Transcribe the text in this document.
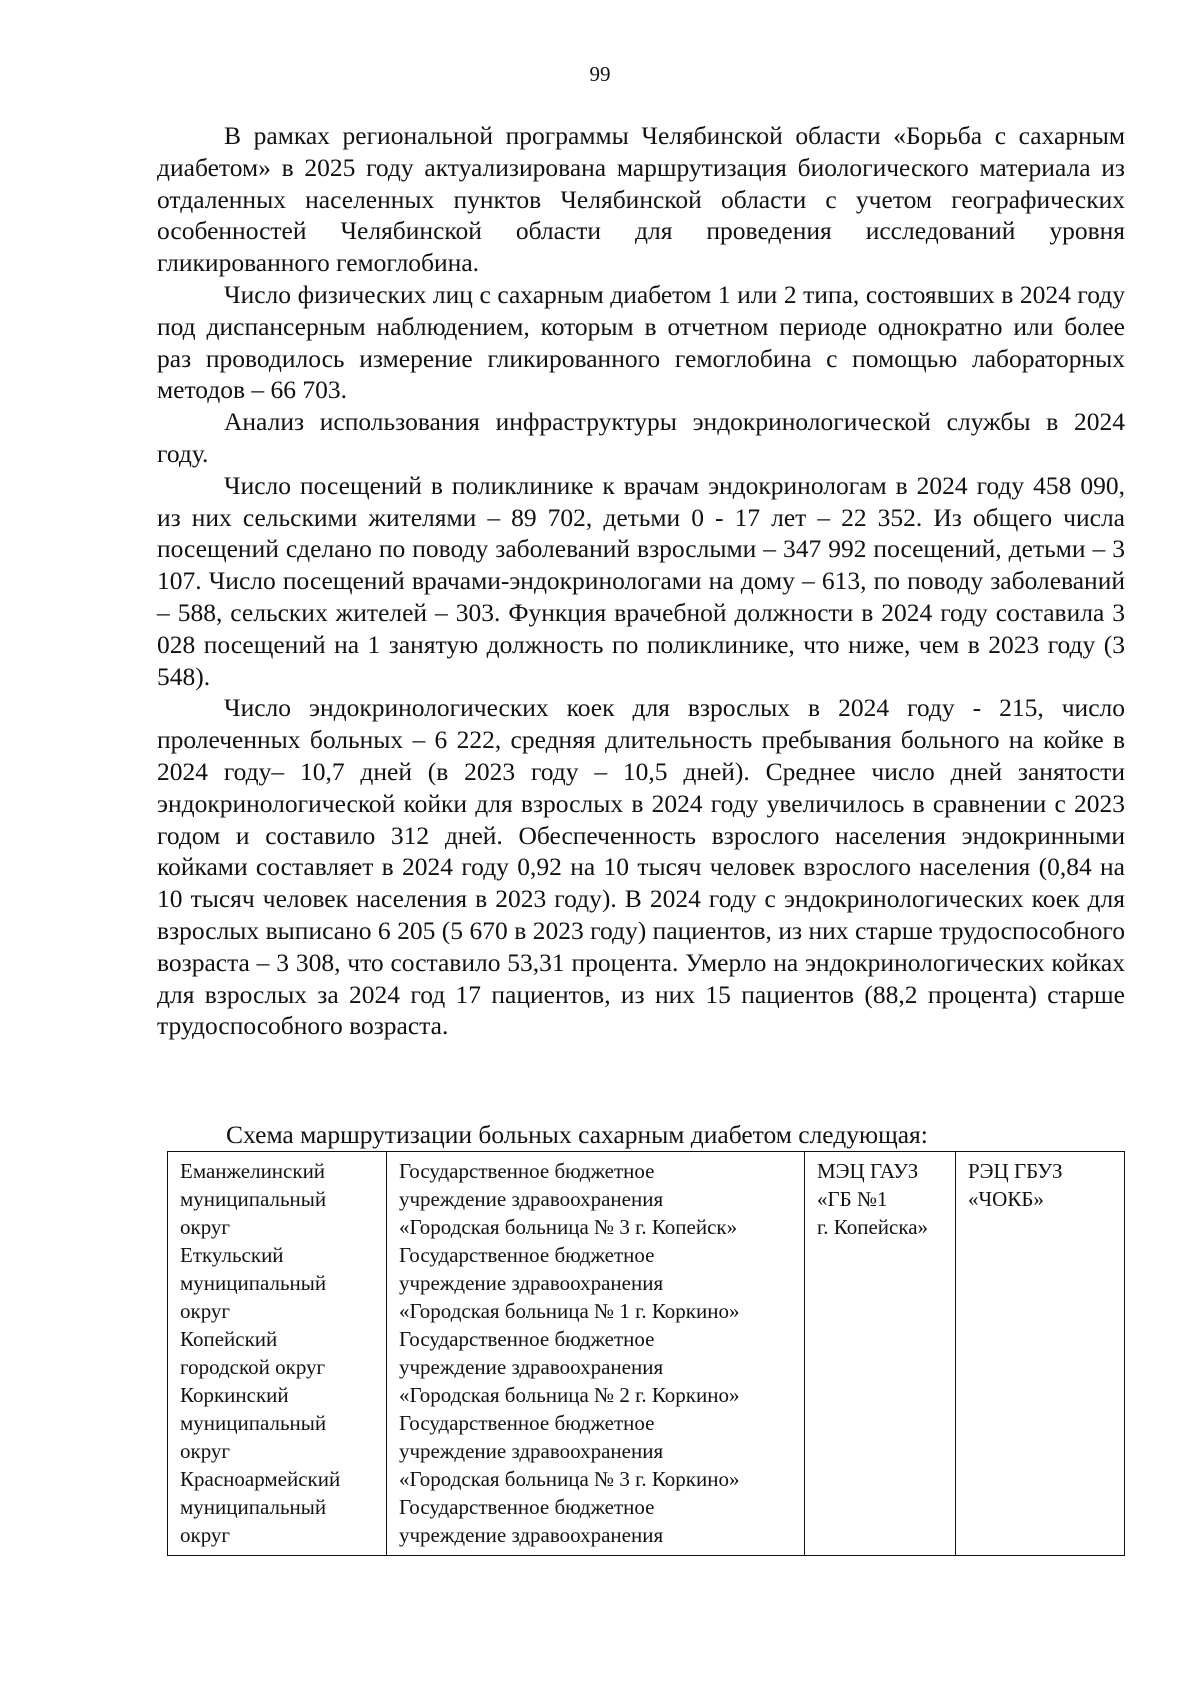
99

В рамках региональной программы Челябинской области «Борьба с сахарным диабетом» в 2025 году актуализирована маршрутизация биологического материала из отдаленных населенных пунктов Челябинской области с учетом географических особенностей Челябинской области для проведения исследований уровня гликированного гемоглобина.

Число физических лиц с сахарным диабетом 1 или 2 типа, состоявших в 2024 году под диспансерным наблюдением, которым в отчетном периоде однократно или более раз проводилось измерение гликированного гемоглобина с помощью лабораторных методов – 66 703.

Анализ использования инфраструктуры эндокринологической службы в 2024 году.

Число посещений в поликлинике к врачам эндокринологам в 2024 году 458 090, из них сельскими жителями – 89 702, детьми 0 - 17 лет – 22 352. Из общего числа посещений сделано по поводу заболеваний взрослыми – 347 992 посещений, детьми – 3 107. Число посещений врачами-эндокринологами на дому – 613, по поводу заболеваний – 588, сельских жителей – 303. Функция врачебной должности в 2024 году составила 3 028 посещений на 1 занятую должность по поликлинике, что ниже, чем в 2023 году (3 548).

Число эндокринологических коек для взрослых в 2024 году - 215, число пролеченных больных – 6 222, средняя длительность пребывания больного на койке в 2024 году– 10,7 дней (в 2023 году – 10,5 дней). Среднее число дней занятости эндокринологической койки для взрослых в 2024 году увеличилось в сравнении с 2023 годом и составило 312 дней. Обеспеченность взрослого населения эндокринными койками составляет в 2024 году 0,92 на 10 тысяч человек взрослого населения (0,84 на 10 тысяч человек населения в 2023 году). В 2024 году с эндокринологических коек для взрослых выписано 6 205 (5 670 в 2023 году) пациентов, из них старше трудоспособного возраста – 3 308, что составило 53,31 процента. Умерло на эндокринологических койках для взрослых за 2024 год 17 пациентов, из них 15 пациентов (88,2 процента) старше трудоспособного возраста.

Схема маршрутизации больных сахарным диабетом следующая:
Еманжелинский
муниципальный
округ
Еткульский
муниципальный
округ
Копейский
городской округ
Коркинский
муниципальный
округ
Красноармейский
муниципальный
округ

Государственное бюджетное
учреждение здравоохранения
«Городская больница № 3 г. Копейск»
Государственное бюджетное
учреждение здравоохранения
«Городская больница № 1 г. Коркино»
Государственное бюджетное
учреждение здравоохранения
«Городская больница № 2 г. Коркино»
Государственное бюджетное
учреждение здравоохранения
«Городская больница № 3 г. Коркино»
Государственное бюджетное
учреждение здравоохранения

МЭЦ ГАУЗ
«ГБ №1
г. Копейска»

РЭЦ ГБУЗ
«ЧОКБ»
